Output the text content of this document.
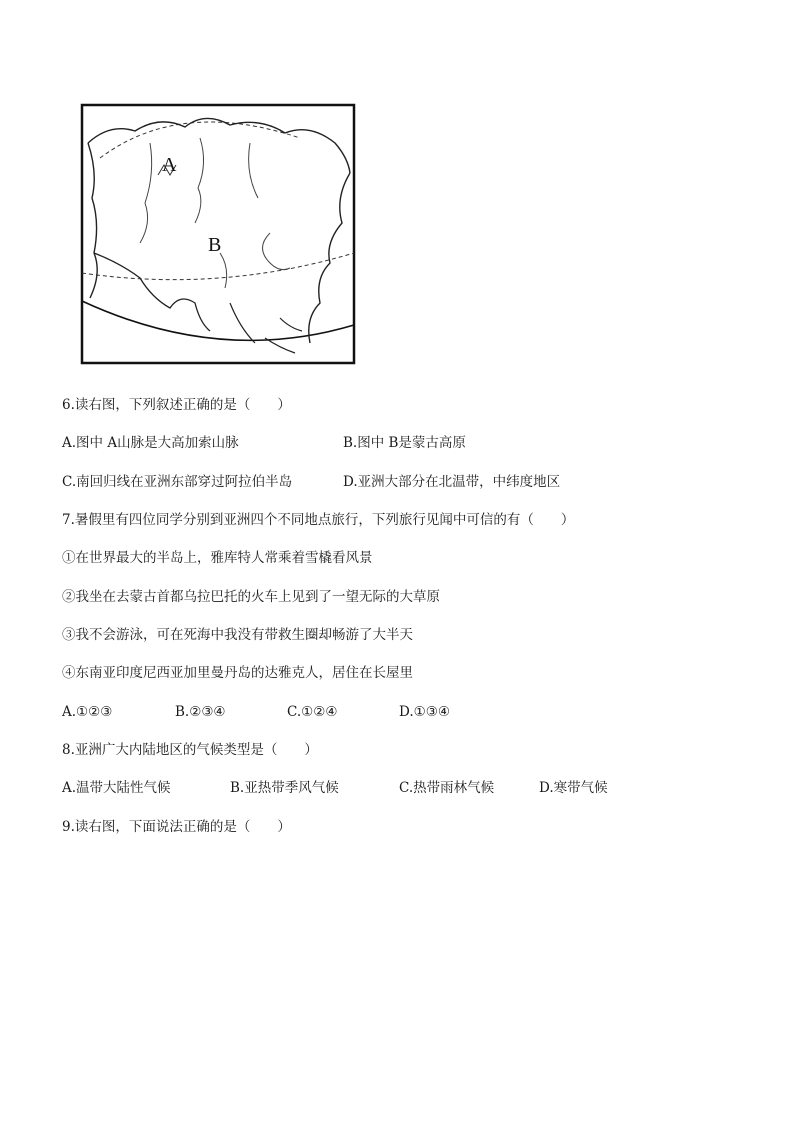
A
B
6.读右图，下列叙述正确的是（　　）
A.图中 A山脉是大高加索山脉	B.图中 B是蒙古高原
C.南回归线在亚洲东部穿过阿拉伯半岛	D.亚洲大部分在北温带，中纬度地区
7.暑假里有四位同学分别到亚洲四个不同地点旅行，下列旅行见闻中可信的有（　　）
①在世界最大的半岛上，雅库特人常乘着雪橇看风景
②我坐在去蒙古首都乌拉巴托的火车上见到了一望无际的大草原
③我不会游泳，可在死海中我没有带救生圈却畅游了大半天
④东南亚印度尼西亚加里曼丹岛的达雅克人，居住在长屋里
A.①②③	B.②③④	C.①②④	D.①③④
8.亚洲广大内陆地区的气候类型是（　　）
A.温带大陆性气候	B.亚热带季风气候	C.热带雨林气候	D.寒带气候
9.读右图，下面说法正确的是（　　）
